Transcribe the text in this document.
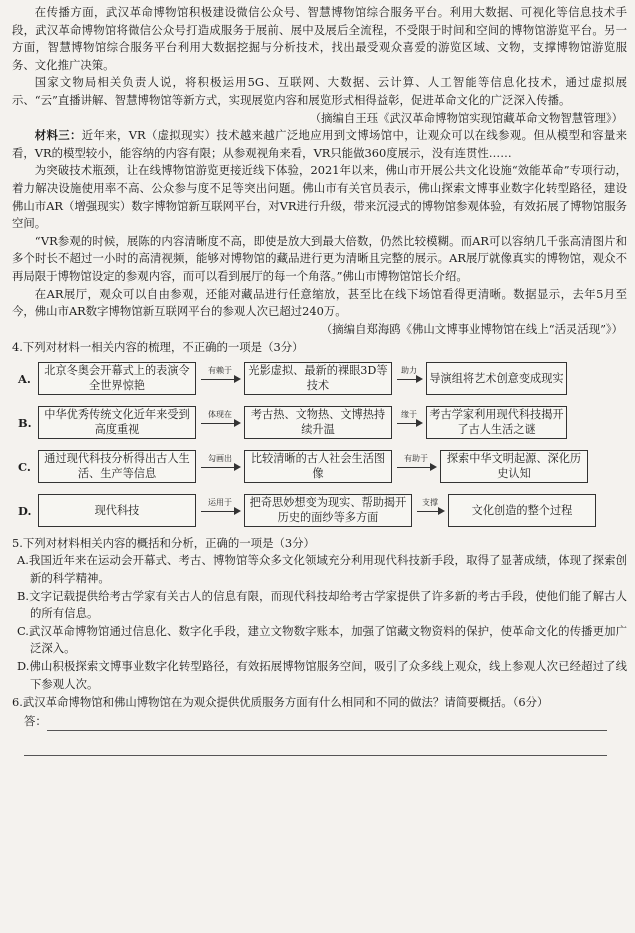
在传播方面，武汉革命博物馆积极建设微信公众号、智慧博物馆综合服务平台。利用大数据、可视化等信息技术手段，武汉革命博物馆将微信公众号打造成服务于展前、展中及展后全流程，不受限于时间和空间的博物馆游览平台。另一方面，智慧博物馆综合服务平台利用大数据挖掘与分析技术，找出最受观众喜爱的游览区域、文物，支撑博物馆游览服务、文化推广决策。

国家文物局相关负责人说，将积极运用5G、互联网、大数据、云计算、人工智能等信息化技术，通过虚拟展示、“云”直播讲解、智慧博物馆等新方式，实现展览内容和展览形式相得益彰，促进革命文化的广泛深入传播。

（摘编自王珏《武汉革命博物馆实现馆藏革命文物智慧管理》）

材料三：近年来，VR（虚拟现实）技术越来越广泛地应用到文博场馆中，让观众可以在线参观。但从模型和容量来看，VR的模型较小，能容纳的内容有限；从参观视角来看，VR只能做360度展示，没有连贯性……

为突破技术瓶颈，让在线博物馆游览更接近线下体验，2021年以来，佛山市开展公共文化设施“效能革命”专项行动，着力解决设施使用率不高、公众参与度不足等突出问题。佛山市有关官员表示，佛山探索文博事业数字化转型路径，建设佛山市AR（增强现实）数字博物馆新互联网平台，对VR进行升级，带来沉浸式的博物馆参观体验，有效拓展了博物馆服务空间。

“VR参观的时候，展陈的内容清晰度不高，即使是放大到最大倍数，仍然比较模糊。而AR可以容纳几千张高清图片和多个时长不超过一小时的高清视频，能够对博物馆的藏品进行更为清晰且完整的展示。AR展厅就像真实的博物馆，观众不再局限于博物馆设定的参观内容，而可以看到展厅的每一个角落。”佛山市博物馆馆长介绍。

在AR展厅，观众可以自由参观，还能对藏品进行任意缩放，甚至比在线下场馆看得更清晰。数据显示，去年5月至今，佛山市AR数字博物馆新互联网平台的参观人次已超过240万。

（摘编自郑海鸥《佛山文博事业博物馆在线上“活灵活现”》）

4.下列对材料一相关内容的梳理，不正确的一项是（3分）

A.
北京冬奥会开幕式上的表演令全世界惊艳
有赖于	光影虚拟、最新的裸眼3D等技术
助力
导演组将艺术创意变成现实
B.
中华优秀传统文化近年来受到高度重视
体现在	考古热、文物热、文博热持续升温
缘于	考古学家利用现代科技揭开了古人生活之谜
C.
通过现代科技分析得出古人生活、生产等信息
勾画出	比较清晰的古人社会生活图像
有助于	探索中华文明起源、深化历史认知
D.	现代科技
运用于	把奇思妙想变为现实、帮助揭开历史的面纱等多方面
支撑
文化创造的整个过程

5.下列对材料相关内容的概括和分析，正确的一项是（3分）

A.我国近年来在运动会开幕式、考古、博物馆等众多文化领域充分利用现代科技新手段，取得了显著成绩，体现了探索创新的科学精神。

B.文字记载提供给考古学家有关古人的信息有限，而现代科技却给考古学家提供了许多新的考古手段，使他们能了解古人的所有信息。

C.武汉革命博物馆通过信息化、数字化手段，建立文物数字账本，加强了馆藏文物资料的保护，使革命文化的传播更加广泛深入。

D.佛山积极探索文博事业数字化转型路径，有效拓展博物馆服务空间，吸引了众多线上观众，线上参观人次已经超过了线下参观人次。

6.武汉革命博物馆和佛山博物馆在为观众提供优质服务方面有什么相同和不同的做法？请简要概括。（6分）

答：
